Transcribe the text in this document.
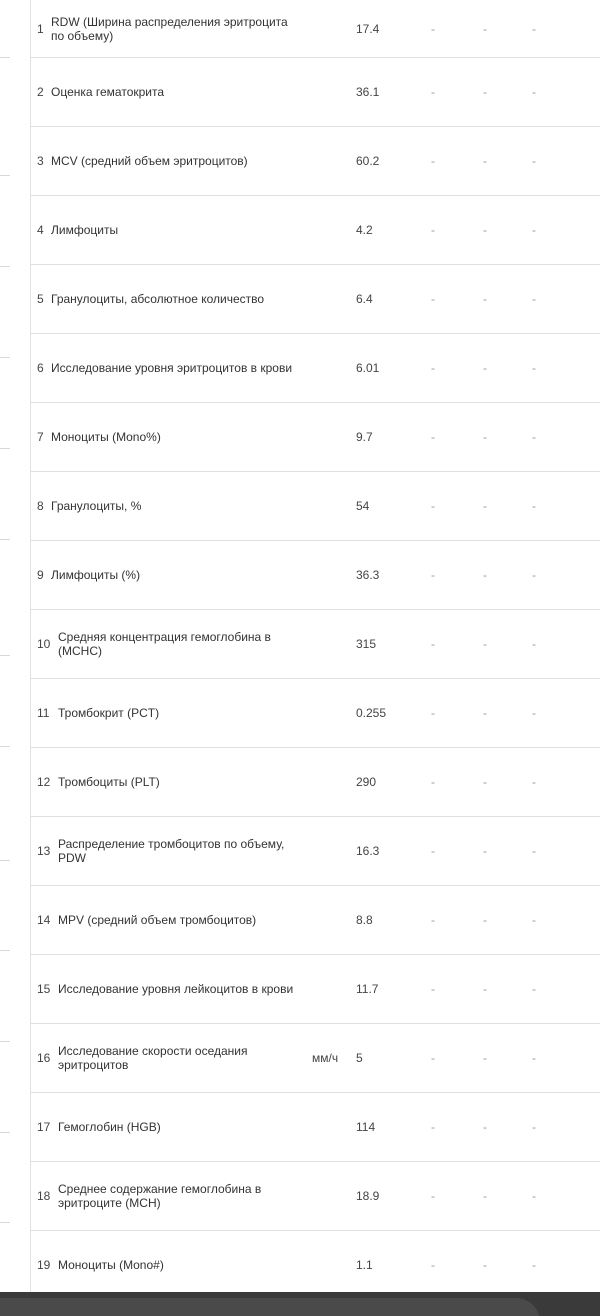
1 RDW (Ширина распределения эритроцита по объему)	17.4	-	-	-
2 Оценка гематокрита	36.1	-	-	-
3 MCV (средний объем эритроцитов)	60.2	-	-	-
4 Лимфоциты	4.2	-	-	-
5 Гранулоциты, абсолютное количество	6.4	-	-	-
6 Исследование уровня эритроцитов в крови	6.01	-	-	-
7 Моноциты (Mono%)	9.7	-	-	-
8 Гранулоциты, %	54	-	-	-
9 Лимфоциты (%)	36.3	-	-	-
10 Средняя концентрация гемоглобина в (MCHC)	315	-	-	-
11 Тромбокрит (PCT)	0.255	-	-	-
12 Тромбоциты (PLT)	290	-	-	-
13 Распределение тромбоцитов по объему, PDW	16.3	-	-	-
14 MPV (средний объем тромбоцитов)	8.8	-	-	-
15 Исследование уровня лейкоцитов в крови	11.7	-	-	-
16 Исследование скорости оседания эритроцитов	мм/ч 5	-	-	-
17 Гемоглобин (HGB)	114	-	-	-
18 Среднее содержание гемоглобина в эритроците (MCH)	18.9	-	-	-
19 Моноциты (Mono#)	1.1	-	-	-
